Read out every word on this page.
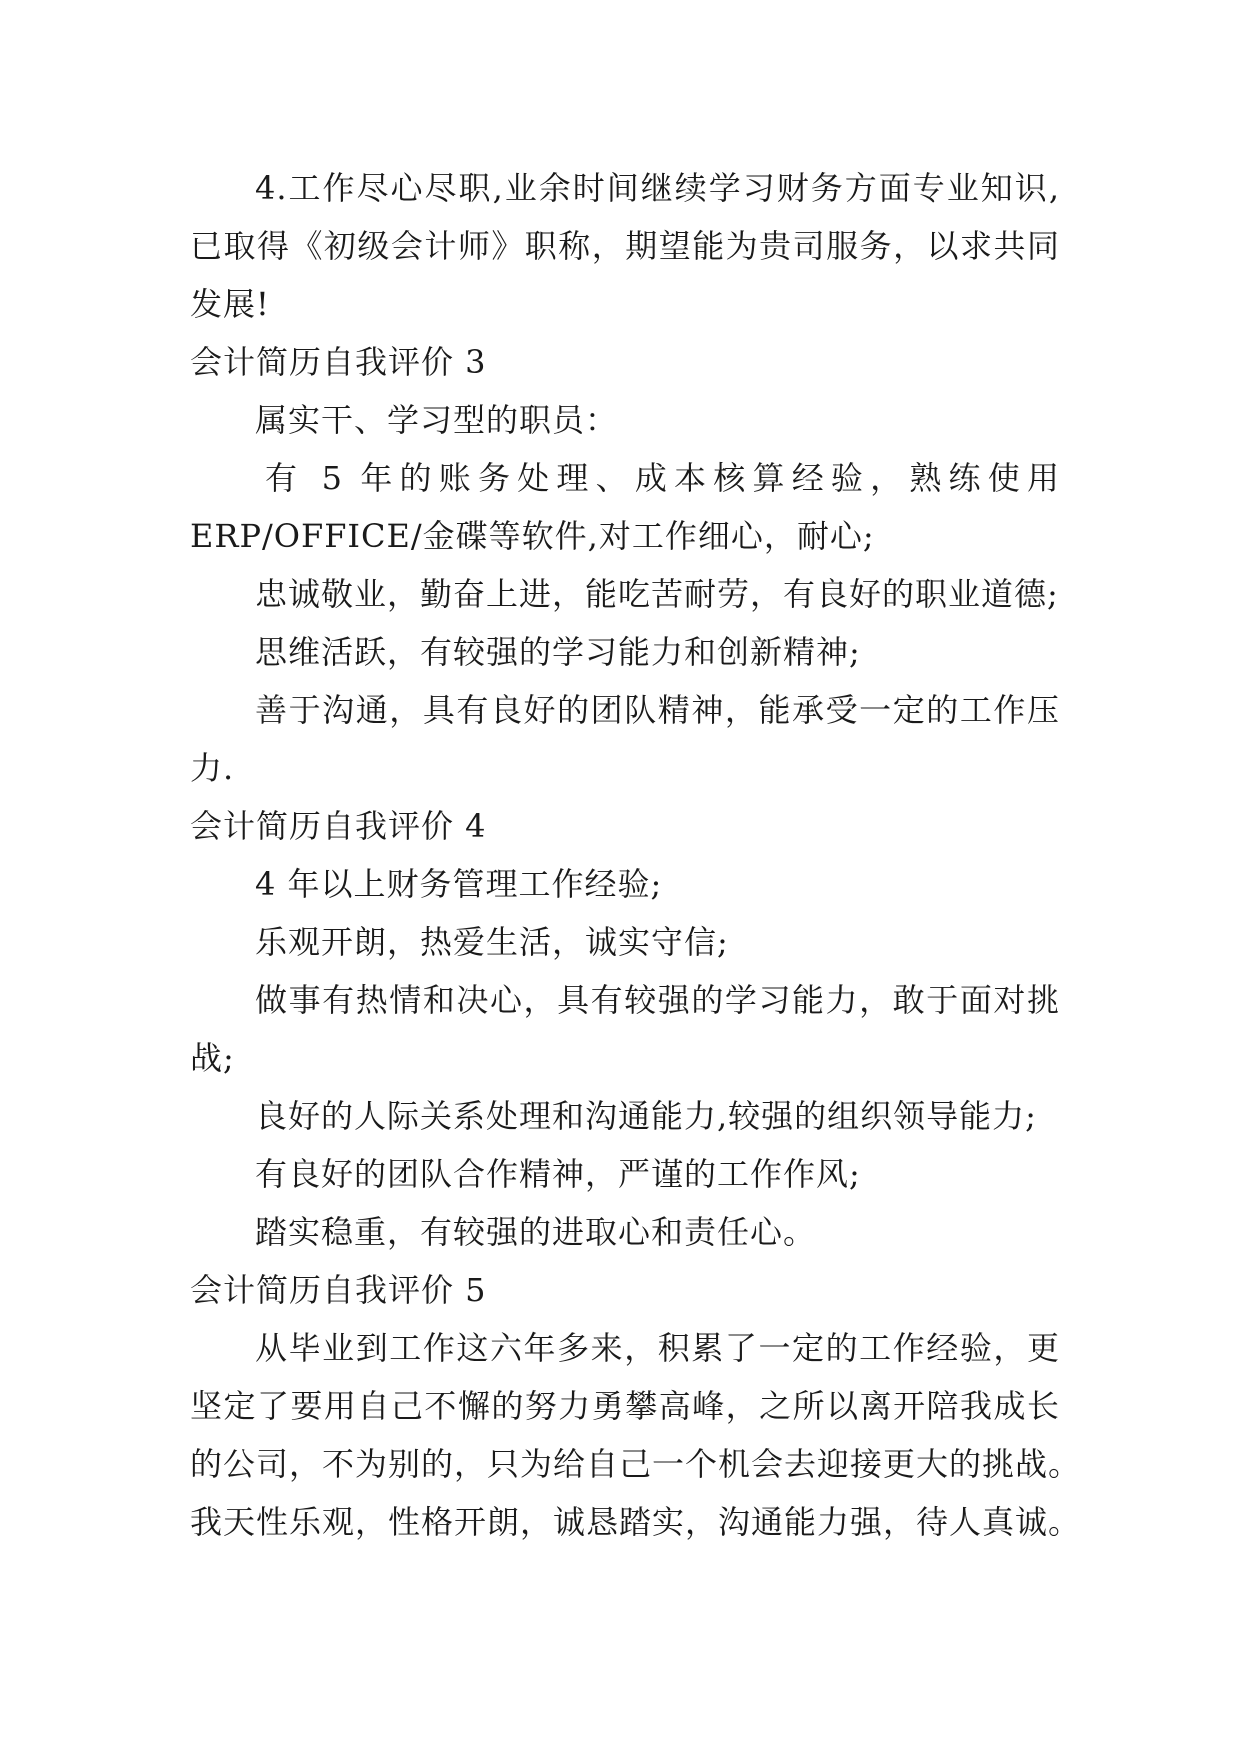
4.工作尽心尽职,业余时间继续学习财务方面专业知识,
已取得《初级会计师》职称，期望能为贵司服务，以求共同
发展!
会计简历自我评价 3
属实干、学习型的职员：
有 5 年的账务处理、成本核算经验，熟练使用
ERP/OFFICE/金碟等软件,对工作细心，耐心;
忠诚敬业，勤奋上进，能吃苦耐劳，有良好的职业道德;
思维活跃，有较强的学习能力和创新精神;
善于沟通，具有良好的团队精神，能承受一定的工作压
力.
会计简历自我评价 4
4 年以上财务管理工作经验;
乐观开朗，热爱生活，诚实守信;
做事有热情和决心，具有较强的学习能力，敢于面对挑
战;
良好的人际关系处理和沟通能力,较强的组织领导能力;
有良好的团队合作精神，严谨的工作作风;
踏实稳重，有较强的进取心和责任心。
会计简历自我评价 5
从毕业到工作这六年多来，积累了一定的工作经验，更
坚定了要用自己不懈的努力勇攀高峰，之所以离开陪我成长
的公司，不为别的，只为给自己一个机会去迎接更大的挑战。
我天性乐观，性格开朗，诚恳踏实，沟通能力强，待人真诚。
